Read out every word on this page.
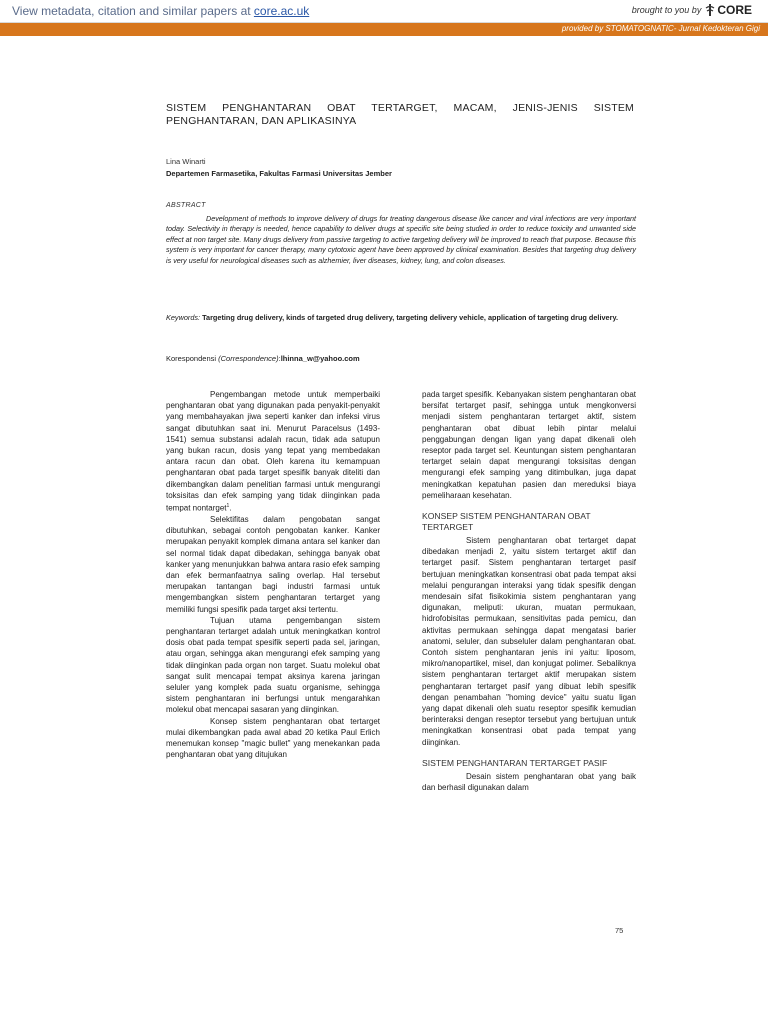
View metadata, citation and similar papers at core.ac.uk	brought to you by CORE
provided by STOMATOGNATIC- Jurnal Kedokteran Gigi
SISTEM PENGHANTARAN OBAT TERTARGET, MACAM, JENIS-JENIS SISTEM PENGHANTARAN, DAN APLIKASINYA
Lina Winarti
Departemen Farmasetika, Fakultas Farmasi Universitas Jember
ABSTRACT
Development of methods to improve delivery of drugs for treating dangerous disease like cancer and viral infections are very important today. Selectivity in therapy is needed, hence capability to deliver drugs at specific site being studied in order to reduce toxicity and unwanted side effect at non target site. Many drugs delivery from passive targeting to active targeting delivery will be improved to reach that purpose. Because this system is very important for cancer therapy, many cytotoxic agent have been approved by clinical examination. Besides that targeting drug delivery is very useful for neurological diseases such as alzhemier, liver diseases, kidney, lung, and colon diseases.
Keywords: Targeting drug delivery, kinds of targeted drug delivery, targeting delivery vehicle, application of targeting drug delivery.
Korespondensi (Correspondence):lhinna_w@yahoo.com

Pengembangan metode untuk memperbaiki penghantaran obat yang digunakan pada penyakit-penyakit yang membahayakan jiwa seperti kanker dan infeksi virus sangat dibutuhkan saat ini. Menurut Paracelsus (1493-1541) semua substansi adalah racun, tidak ada satupun yang bukan racun, dosis yang tepat yang membedakan antara racun dan obat. Oleh karena itu kemampuan penghantaran obat pada target spesifik banyak diteliti dan dikembangkan dalam penelitian farmasi untuk mengurangi toksisitas dan efek samping yang tidak diinginkan pada tempat nontarget$^1$.

Selektifitas dalam pengobatan sangat dibutuhkan, sebagai contoh pengobatan kanker. Kanker merupakan penyakit komplek dimana antara sel kanker dan sel normal tidak dapat dibedakan, sehingga banyak obat kanker yang menunjukkan bahwa antara rasio efek samping dan efek bermanfaatnya saling overlap. Hal tersebut merupakan tantangan bagi industri farmasi untuk mengembangkan sistem penghantaran tertarget yang memiliki fungsi spesifik pada target aksi tertentu.

Tujuan utama pengembangan sistem penghantaran tertarget adalah untuk meningkatkan kontrol dosis obat pada tempat spesifik seperti pada sel, jaringan, atau organ, sehingga akan mengurangi efek samping yang tidak diinginkan pada organ non target. Suatu molekul obat sangat sulit mencapai tempat aksinya karena jaringan seluler yang komplek pada suatu organisme, sehingga sistem penghantaran ini berfungsi untuk mengarahkan molekul obat mencapai sasaran yang diinginkan.

Konsep sistem penghantaran obat tertarget mulai dikembangkan pada awal abad 20 ketika Paul Erlich menemukan konsep "magic bullet" yang menekankan pada penghantaran obat yang ditujukan

pada target spesifik. Kebanyakan sistem penghantaran obat bersifat tertarget pasif, sehingga untuk mengkonversi menjadi sistem penghantaran tertarget aktif, sistem penghantaran obat dibuat lebih pintar melalui penggabungan dengan ligan yang dapat dikenali oleh reseptor pada target sel. Keuntungan sistem penghantaran tertarget selain dapat mengurangi toksisitas dengan mengurangi efek samping yang ditimbulkan, juga dapat meningkatkan kepatuhan pasien dan mereduksi biaya pemeliharaan kesehatan.

KONSEP SISTEM PENGHANTARAN OBAT TERTARGET

Sistem penghantaran obat tertarget dapat dibedakan menjadi 2, yaitu sistem tertarget aktif dan tertarget pasif. Sistem penghantaran tertarget pasif bertujuan meningkatkan konsentrasi obat pada tempat aksi melalui pengurangan interaksi yang tidak spesifik dengan mendesain sifat fisikokimia sistem penghantaran yang digunakan, meliputi: ukuran, muatan permukaan, hidrofobisitas permukaan, sensitivitas pada pemicu, dan aktivitas permukaan sehingga dapat mengatasi barier anatomi, seluler, dan subseluler dalam penghantaran obat. Contoh sistem penghantaran jenis ini yaitu: liposom, mikro/nanopartikel, misel, dan konjugat polimer. Sebaliknya sistem penghantaran tertarget aktif merupakan sistem penghantaran tertarget pasif yang dibuat lebih spesifik dengan penambahan "homing device" yaitu suatu ligan yang dapat dikenali oleh suatu reseptor spesifik kemudian berinteraksi dengan reseptor tersebut yang bertujuan untuk meningkatkan konsentrasi obat pada tempat yang diinginkan.

SISTEM PENGHANTARAN TERTARGET PASIF

Desain sistem penghantaran obat yang baik dan berhasil digunakan dalam

75
